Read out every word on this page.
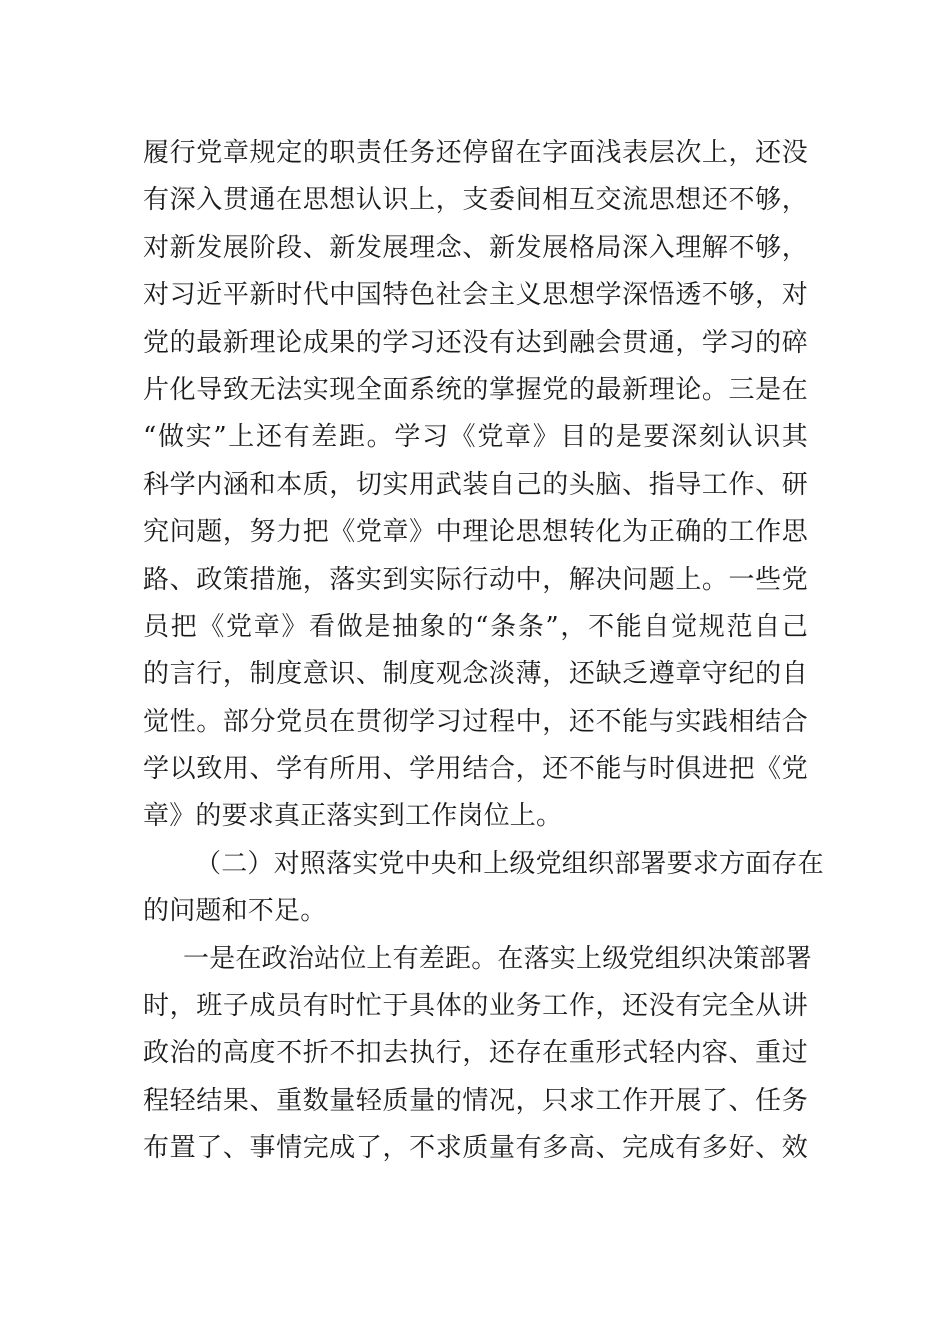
履行党章规定的职责任务还停留在字面浅表层次上，还没
有深入贯通在思想认识上，支委间相互交流思想还不够，
对新发展阶段、新发展理念、新发展格局深入理解不够，
对习近平新时代中国特色社会主义思想学深悟透不够，对
党的最新理论成果的学习还没有达到融会贯通，学习的碎
片化导致无法实现全面系统的掌握党的最新理论。三是在
“做实”上还有差距。学习《党章》目的是要深刻认识其
科学内涵和本质，切实用武装自己的头脑、指导工作、研
究问题，努力把《党章》中理论思想转化为正确的工作思
路、政策措施，落实到实际行动中，解决问题上。一些党
员把《党章》看做是抽象的“条条”，不能自觉规范自己
的言行，制度意识、制度观念淡薄，还缺乏遵章守纪的自
觉性。部分党员在贯彻学习过程中，还不能与实践相结合
学以致用、学有所用、学用结合，还不能与时俱进把《党
章》的要求真正落实到工作岗位上。
（二）对照落实党中央和上级党组织部署要求方面存在
的问题和不足。
一是在政治站位上有差距。在落实上级党组织决策部署
时，班子成员有时忙于具体的业务工作，还没有完全从讲
政治的高度不折不扣去执行，还存在重形式轻内容、重过
程轻结果、重数量轻质量的情况，只求工作开展了、任务
布置了、事情完成了，不求质量有多高、完成有多好、效
